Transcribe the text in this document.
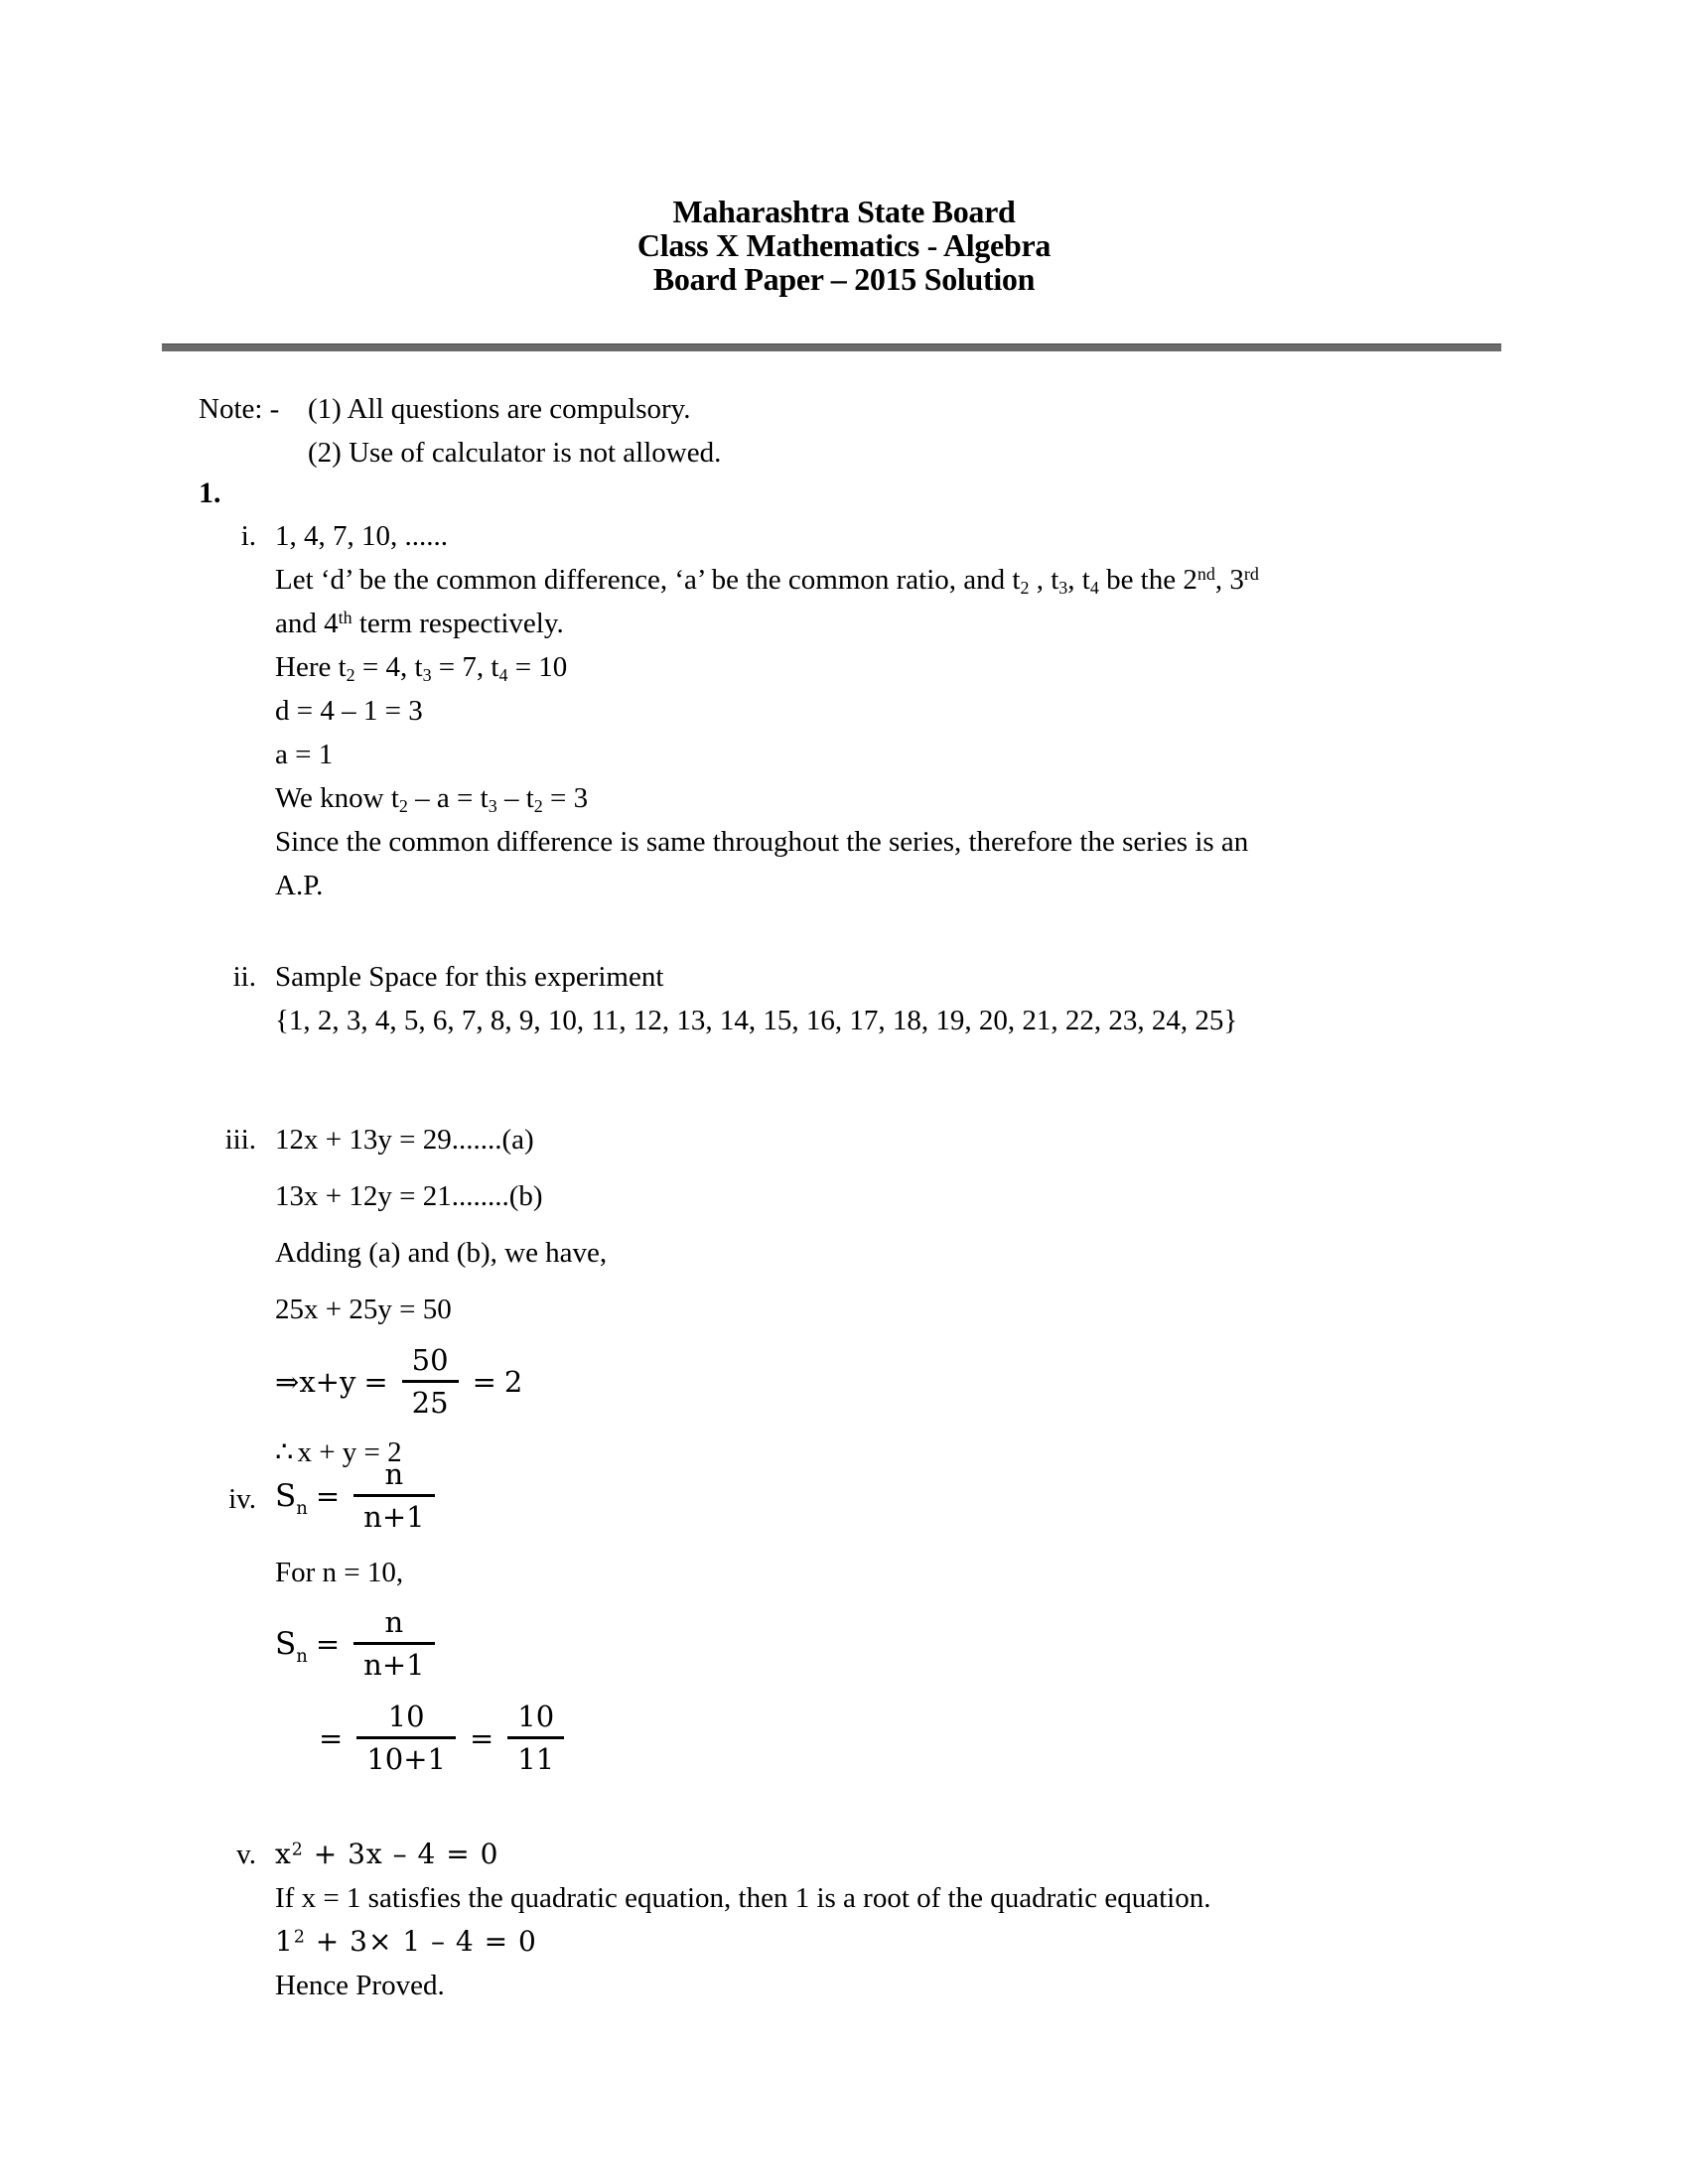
Maharashtra State Board
Class X Mathematics - Algebra
Board Paper – 2015 Solution
Note: - (1) All questions are compulsory.
(2) Use of calculator is not allowed.
1.
i. 1, 4, 7, 10, ......
Let ‘d’ be the common difference, ‘a’ be the common ratio, and $t_2$ , $t_3$, $t_4$ be the 2nd, 3rd
and 4th term respectively.
Here $t_2 = 4$, $t_3 = 7$, $t_4 = 10$
d = 4 – 1 = 3
a = 1
We know $t_2 - a = t_3 - t_2 = 3$
Since the common difference is same throughout the series, therefore the series is an
A.P.
ii. Sample Space for this experiment
{1, 2, 3, 4, 5, 6, 7, 8, 9, 10, 11, 12, 13, 14, 15, 16, 17, 18, 19, 20, 21, 22, 23, 24, 25}
iii. 12x + 13y = 29.......(a)
13x + 12y = 21........(b)
Adding (a) and (b), we have,
25x + 25y = 50
⇒ $x+y = \frac{50}{25} = 2$
∴ x + y = 2
iv. $S_n = \frac{n}{n+1}$
For n = 10,
$S_n = \frac{n}{n+1}$
= $\frac{10}{10+1} = \frac{10}{11}$
v. $x^2 + 3x - 4 = 0$
If x = 1 satisfies the quadratic equation, then 1 is a root of the quadratic equation.
$1^2 + 3\times 1 - 4 = 0$
Hence Proved.
